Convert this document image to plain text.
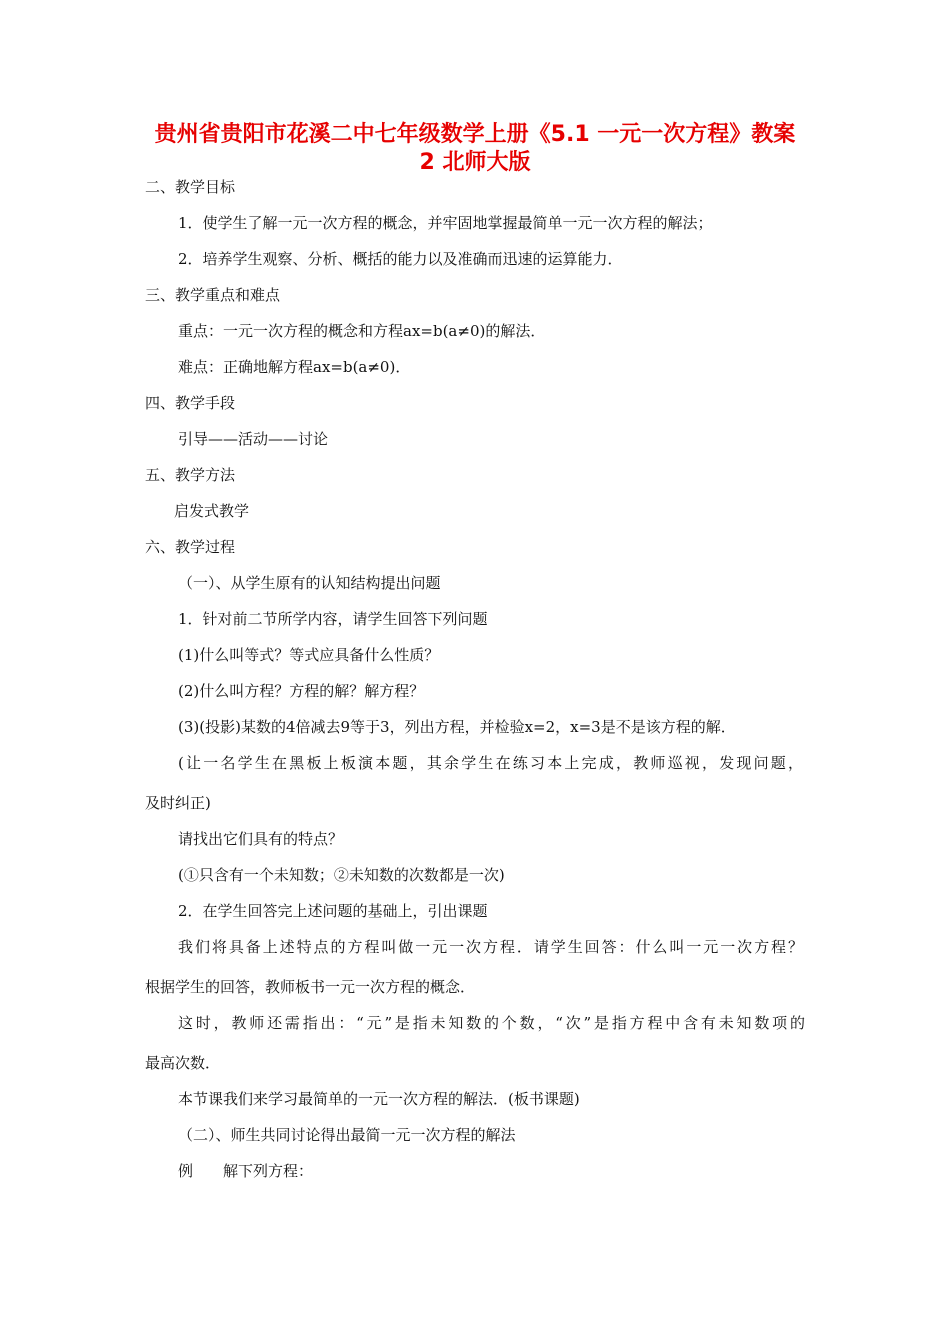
贵州省贵阳市花溪二中七年级数学上册《5.1 一元一次方程》教案
2 北师大版
二、教学目标
1．使学生了解一元一次方程的概念，并牢固地掌握最简单一元一次方程的解法；
2．培养学生观察、分析、概括的能力以及准确而迅速的运算能力．
三、教学重点和难点
重点：一元一次方程的概念和方程ax=b(a≠0)的解法．
难点：正确地解方程ax=b(a≠0)．
四、教学手段
引导——活动——讨论
五、教学方法
启发式教学
六、教学过程
（一）、从学生原有的认知结构提出问题
1．针对前二节所学内容，请学生回答下列问题
(1)什么叫等式？等式应具备什么性质？
(2)什么叫方程？方程的解？解方程？
(3)(投影)某数的4倍减去9等于3，列出方程，并检验x=2，x=3是不是该方程的解．
(让一名学生在黑板上板演本题，其余学生在练习本上完成，教师巡视，发现问题，
及时纠正)
请找出它们具有的特点？
(①只含有一个未知数；②未知数的次数都是一次)
2．在学生回答完上述问题的基础上，引出课题
我们将具备上述特点的方程叫做一元一次方程．请学生回答：什么叫一元一次方程？
根据学生的回答，教师板书一元一次方程的概念．
这时，教师还需指出：“元”是指未知数的个数，“次”是指方程中含有未知数项的
最高次数．
本节课我们来学习最简单的一元一次方程的解法．(板书课题)
（二）、师生共同讨论得出最简一元一次方程的解法
例　　解下列方程：
